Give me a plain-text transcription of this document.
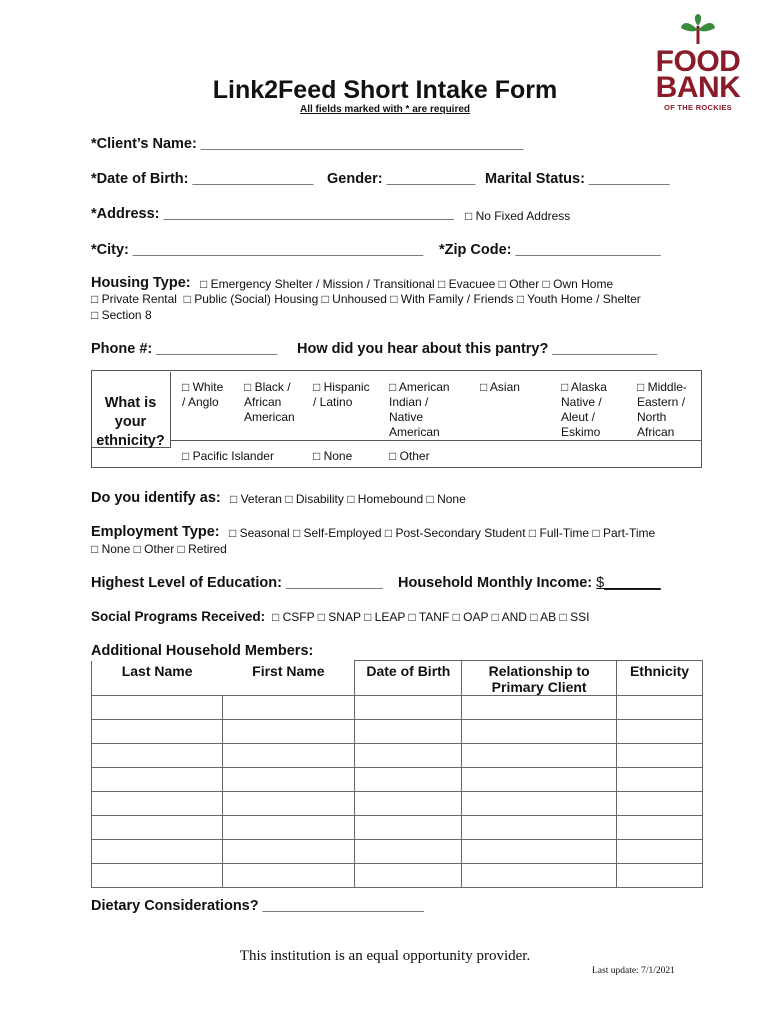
FOOD
BANK
OF THE ROCKIES
Link2Feed Short Intake Form
All fields marked with * are required
*Client’s Name: ________________________________________
*Date of Birth: _______________ Gender: ___________ Marital Status: __________
*Address: ____________________________________ □ No Fixed Address
*City: ____________________________________ *Zip Code: __________________
Housing Type: □ Emergency Shelter / Mission / Transitional □ Evacuee □ Other □ Own Home
□ Private Rental  □ Public (Social) Housing □ Unhoused □ With Family / Friends □ Youth Home / Shelter
□ Section 8
Phone #: _______________ How did you hear about this pantry? _____________
What is your ethnicity?
□ White
/ Anglo
□ Black /
African
American
□ Hispanic
/ Latino
□ American
Indian /
Native
American
□ Asian	□ Alaska
Native /
Aleut /
Eskimo
□ Middle-
Eastern /
North
African
□ Pacific Islander	□ None	□ Other
Do you identify as: □ Veteran □ Disability □ Homebound □ None
Employment Type: □ Seasonal □ Self-Employed □ Post-Secondary Student □ Full-Time □ Part-Time
□ None □ Other □ Retired
Highest Level of Education: ____________ Household Monthly Income: $_______
Social Programs Received: □ CSFP □ SNAP □ LEAP □ TANF □ OAP □ AND □ AB □ SSI
Additional Household Members:
Last Name	First Name	Date of Birth	Relationship to Primary Client	Ethnicity

Dietary Considerations? ____________________
This institution is an equal opportunity provider.
Last update: 7/1/2021
